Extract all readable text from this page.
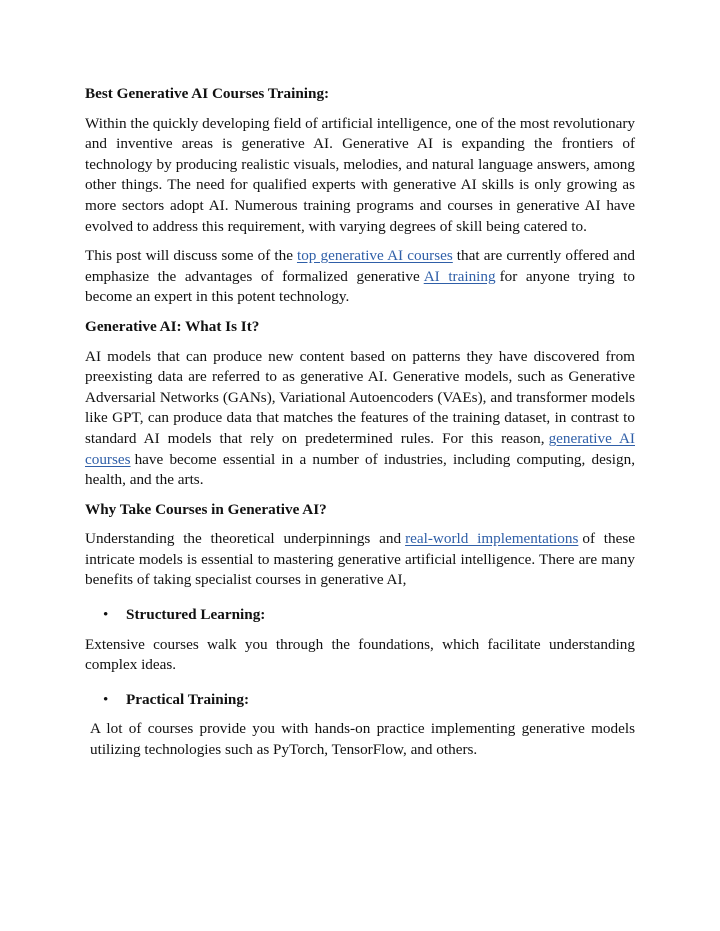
Best Generative AI Courses Training:

Within the quickly developing field of artificial intelligence, one of the most revolutionary and inventive areas is generative AI. Generative AI is expanding the frontiers of technology by producing realistic visuals, melodies, and natural language answers, among other things. The need for qualified experts with generative AI skills is only growing as more sectors adopt AI. Numerous training programs and courses in generative AI have evolved to address this requirement, with varying degrees of skill being catered to.

This post will discuss some of the top generative AI courses that are currently offered and emphasize the advantages of formalized generative AI training for anyone trying to become an expert in this potent technology.

Generative AI: What Is It?

AI models that can produce new content based on patterns they have discovered from preexisting data are referred to as generative AI. Generative models, such as Generative Adversarial Networks (GANs), Variational Autoencoders (VAEs), and transformer models like GPT, can produce data that matches the features of the training dataset, in contrast to standard AI models that rely on predetermined rules. For this reason, generative AI courses have become essential in a number of industries, including computing, design, health, and the arts.

Why Take Courses in Generative AI?

Understanding the theoretical underpinnings and real-world implementations of these intricate models is essential to mastering generative artificial intelligence. There are many benefits of taking specialist courses in generative AI,

• Structured Learning:

Extensive courses walk you through the foundations, which facilitate understanding complex ideas.

• Practical Training:

A lot of courses provide you with hands-on practice implementing generative models utilizing technologies such as PyTorch, TensorFlow, and others.
